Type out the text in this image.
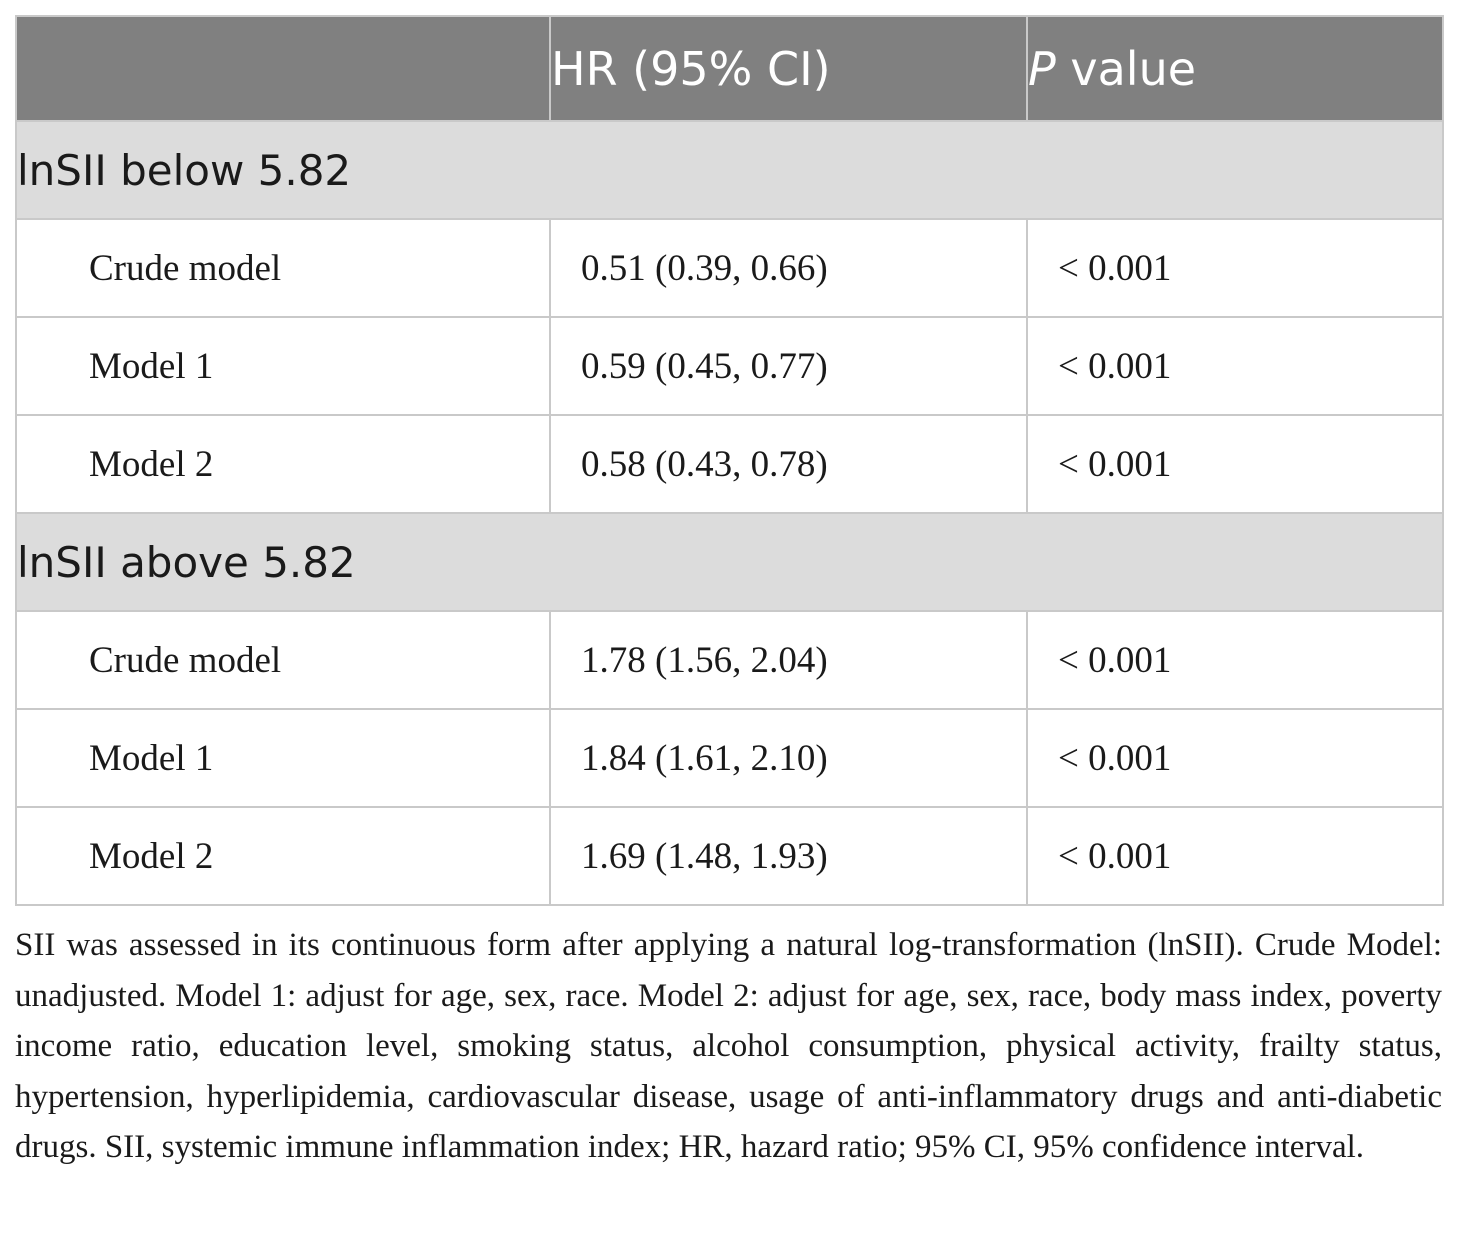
	HR (95% CI)	P value
lnSII below 5.82		
Crude model	0.51 (0.39, 0.66)	< 0.001
Model 1	0.59 (0.45, 0.77)	< 0.001
Model 2	0.58 (0.43, 0.78)	< 0.001
lnSII above 5.82		
Crude model	1.78 (1.56, 2.04)	< 0.001
Model 1	1.84 (1.61, 2.10)	< 0.001
Model 2	1.69 (1.48, 1.93)	< 0.001
SII was assessed in its continuous form after applying a natural log-transformation (lnSII). Crude Model: unadjusted. Model 1: adjust for age, sex, race. Model 2: adjust for age, sex, race, body mass index, poverty income ratio, education level, smoking status, alcohol consumption, physical activity, frailty status, hypertension, hyperlipidemia, cardiovascular disease, usage of anti-inflammatory drugs and anti-diabetic drugs. SII, systemic immune inflammation index; HR, hazard ratio; 95% CI, 95% confidence interval.
